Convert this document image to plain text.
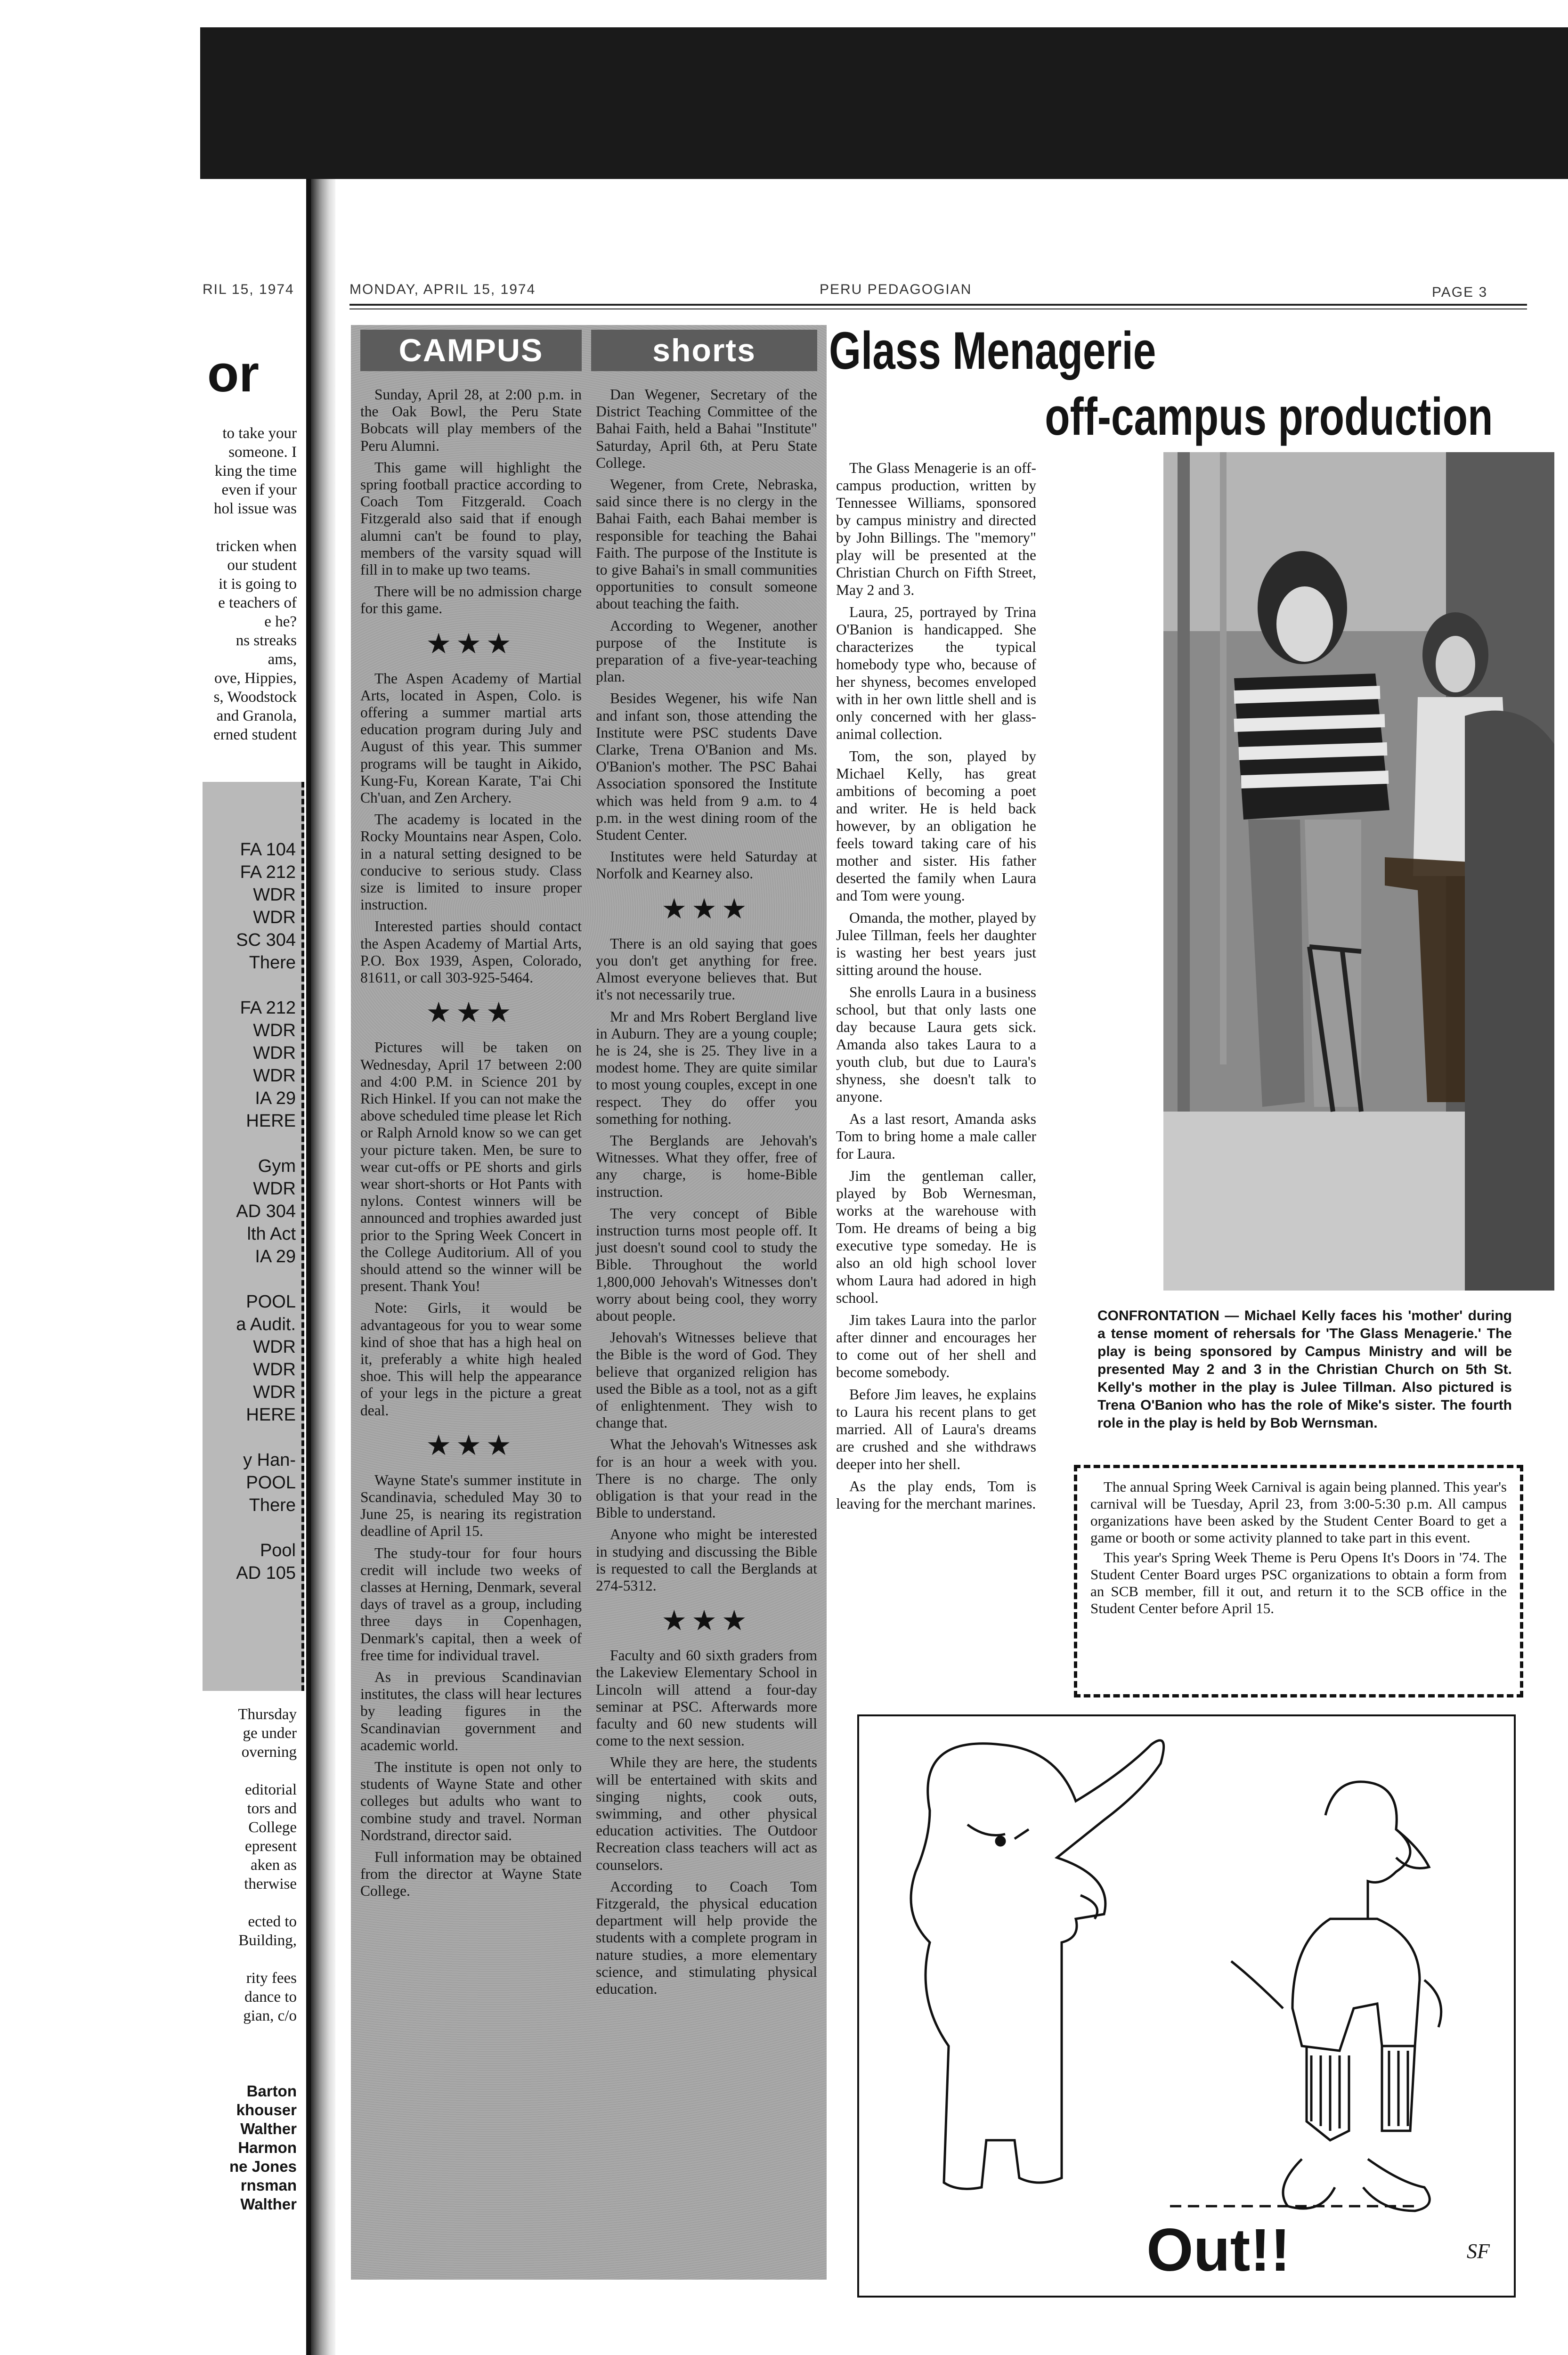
RIL 15, 1974	MONDAY, APRIL 15, 1974	PERU PEDAGOGIAN	PAGE 3
or
to take your
someone. I
king the time
even if your
hol issue was

tricken when
our student
it is going to
e teachers of
e he?
ns streaks
ams,
ove, Hippies,
s, Woodstock
and Granola,
erned student
FA 104
FA 212
WDR
WDR
SC 304
There

FA 212
WDR
WDR
WDR
IA 29
HERE

Gym
WDR
AD 304
lth Act
IA 29

POOL
a Audit.
WDR
WDR
WDR
HERE

y Han-
POOL
There

Pool
AD 105
Thursday
ge under
overning

editorial
tors and
College
epresent
aken as
therwise

ected to
Building,

rity fees
dance to
gian, c/o
Barton
khouser
Walther
Harmon
ne Jones
rnsman
Walther
CAMPUS	shorts

Sunday, April 28, at 2:00 p.m. in the Oak Bowl, the Peru State Bobcats will play members of the Peru Alumni.

This game will highlight the spring football practice according to Coach Tom Fitzgerald. Coach Fitzgerald also said that if enough alumni can't be found to play, members of the varsity squad will fill in to make up two teams.

There will be no admission charge for this game.

★★★

The Aspen Academy of Martial Arts, located in Aspen, Colo. is offering a summer martial arts education program during July and August of this year. This summer programs will be taught in Aikido, Kung-Fu, Korean Karate, T'ai Chi Ch'uan, and Zen Archery.

The academy is located in the Rocky Mountains near Aspen, Colo. in a natural setting designed to be conducive to serious study. Class size is limited to insure proper instruction.

Interested parties should contact the Aspen Academy of Martial Arts, P.O. Box 1939, Aspen, Colorado, 81611, or call 303-925-5464.

★★★

Pictures will be taken on Wednesday, April 17 between 2:00 and 4:00 P.M. in Science 201 by Rich Hinkel. If you can not make the above scheduled time please let Rich or Ralph Arnold know so we can get your picture taken. Men, be sure to wear cut-offs or PE shorts and girls wear short-shorts or Hot Pants with nylons. Contest winners will be announced and trophies awarded just prior to the Spring Week Concert in the College Auditorium. All of you should attend so the winner will be present. Thank You!

Note: Girls, it would be advantageous for you to wear some kind of shoe that has a high heal on it, preferably a white high healed shoe. This will help the appearance of your legs in the picture a great deal.

★★★

Wayne State's summer institute in Scandinavia, scheduled May 30 to June 25, is nearing its registration deadline of April 15.

The study-tour for four hours credit will include two weeks of classes at Herning, Denmark, several days of travel as a group, including three days in Copenhagen, Denmark's capital, then a week of free time for individual travel.

As in previous Scandinavian institutes, the class will hear lectures by leading figures in the Scandinavian government and academic world.

The institute is open not only to students of Wayne State and other colleges but adults who want to combine study and travel. Norman Nordstrand, director said.

Full information may be obtained from the director at Wayne State College.

Dan Wegener, Secretary of the District Teaching Committee of the Bahai Faith, held a Bahai "Institute" Saturday, April 6th, at Peru State College.

Wegener, from Crete, Nebraska, said since there is no clergy in the Bahai Faith, each Bahai member is responsible for teaching the Bahai Faith. The purpose of the Institute is to give Bahai's in small communities opportunities to consult someone about teaching the faith.

According to Wegener, another purpose of the Institute is preparation of a five-year-teaching plan.

Besides Wegener, his wife Nan and infant son, those attending the Institute were PSC students Dave Clarke, Trena O'Banion and Ms. O'Banion's mother. The PSC Bahai Association sponsored the Institute which was held from 9 a.m. to 4 p.m. in the west dining room of the Student Center.

Institutes were held Saturday at Norfolk and Kearney also.

★★★

There is an old saying that goes you don't get anything for free. Almost everyone believes that. But it's not necessarily true.

Mr and Mrs Robert Bergland live in Auburn. They are a young couple; he is 24, she is 25. They live in a modest home. They are quite similar to most young couples, except in one respect. They do offer you something for nothing.

The Berglands are Jehovah's Witnesses. What they offer, free of any charge, is home-Bible instruction.

The very concept of Bible instruction turns most people off. It just doesn't sound cool to study the Bible. Throughout the world 1,800,000 Jehovah's Witnesses don't worry about being cool, they worry about people.

Jehovah's Witnesses believe that the Bible is the word of God. They believe that organized religion has used the Bible as a tool, not as a gift of enlightenment. They wish to change that.

What the Jehovah's Witnesses ask for is an hour a week with you. There is no charge. The only obligation is that your read in the Bible to understand.

Anyone who might be interested in studying and discussing the Bible is requested to call the Berglands at 274-5312.

★★★

Faculty and 60 sixth graders from the Lakeview Elementary School in Lincoln will attend a four-day seminar at PSC. Afterwards more faculty and 60 new students will come to the next session.

While they are here, the students will be entertained with skits and singing nights, cook outs, swimming, and other physical education activities. The Outdoor Recreation class teachers will act as counselors.

According to Coach Tom Fitzgerald, the physical education department will help provide the students with a complete program in nature studies, a more elementary science, and stimulating physical education.

Glass Menagerie
off-campus production

The Glass Menagerie is an off-campus production, written by Tennessee Williams, sponsored by campus ministry and directed by John Billings. The "memory" play will be presented at the Christian Church on Fifth Street, May 2 and 3.

Laura, 25, portrayed by Trina O'Banion is handicapped. She characterizes the typical homebody type who, because of her shyness, becomes enveloped with in her own little shell and is only concerned with her glass-animal collection.

Tom, the son, played by Michael Kelly, has great ambitions of becoming a poet and writer. He is held back however, by an obligation he feels toward taking care of his mother and sister. His father deserted the family when Laura and Tom were young.

Omanda, the mother, played by Julee Tillman, feels her daughter is wasting her best years just sitting around the house.

She enrolls Laura in a business school, but that only lasts one day because Laura gets sick. Amanda also takes Laura to a youth club, but due to Laura's shyness, she doesn't talk to anyone.

As a last resort, Amanda asks Tom to bring home a male caller for Laura.

Jim the gentleman caller, played by Bob Wernesman, works at the warehouse with Tom. He dreams of being a big executive type someday. He is also an old high school lover whom Laura had adored in high school.

Jim takes Laura into the parlor after dinner and encourages her to come out of her shell and become somebody.

Before Jim leaves, he explains to Laura his recent plans to get married. All of Laura's dreams are crushed and she withdraws deeper into her shell.

As the play ends, Tom is leaving for the merchant marines.

CONFRONTATION — Michael Kelly faces his 'mother' during a tense moment of rehersals for 'The Glass Menagerie.' The play is being sponsored by Campus Ministry and will be presented May 2 and 3 in the Christian Church on 5th St. Kelly's mother in the play is Julee Tillman. Also pictured is Trena O'Banion who has the role of Mike's sister. The fourth role in the play is held by Bob Wernsman.

The annual Spring Week Carnival is again being planned. This year's carnival will be Tuesday, April 23, from 3:00-5:30 p.m. All campus organizations have been asked by the Student Center Board to get a game or booth or some activity planned to take part in this event.

This year's Spring Week Theme is Peru Opens It's Doors in '74. The Student Center Board urges PSC organizations to obtain a form from an SCB member, fill it out, and return it to the SCB office in the Student Center before April 15.

Out!!	SF
